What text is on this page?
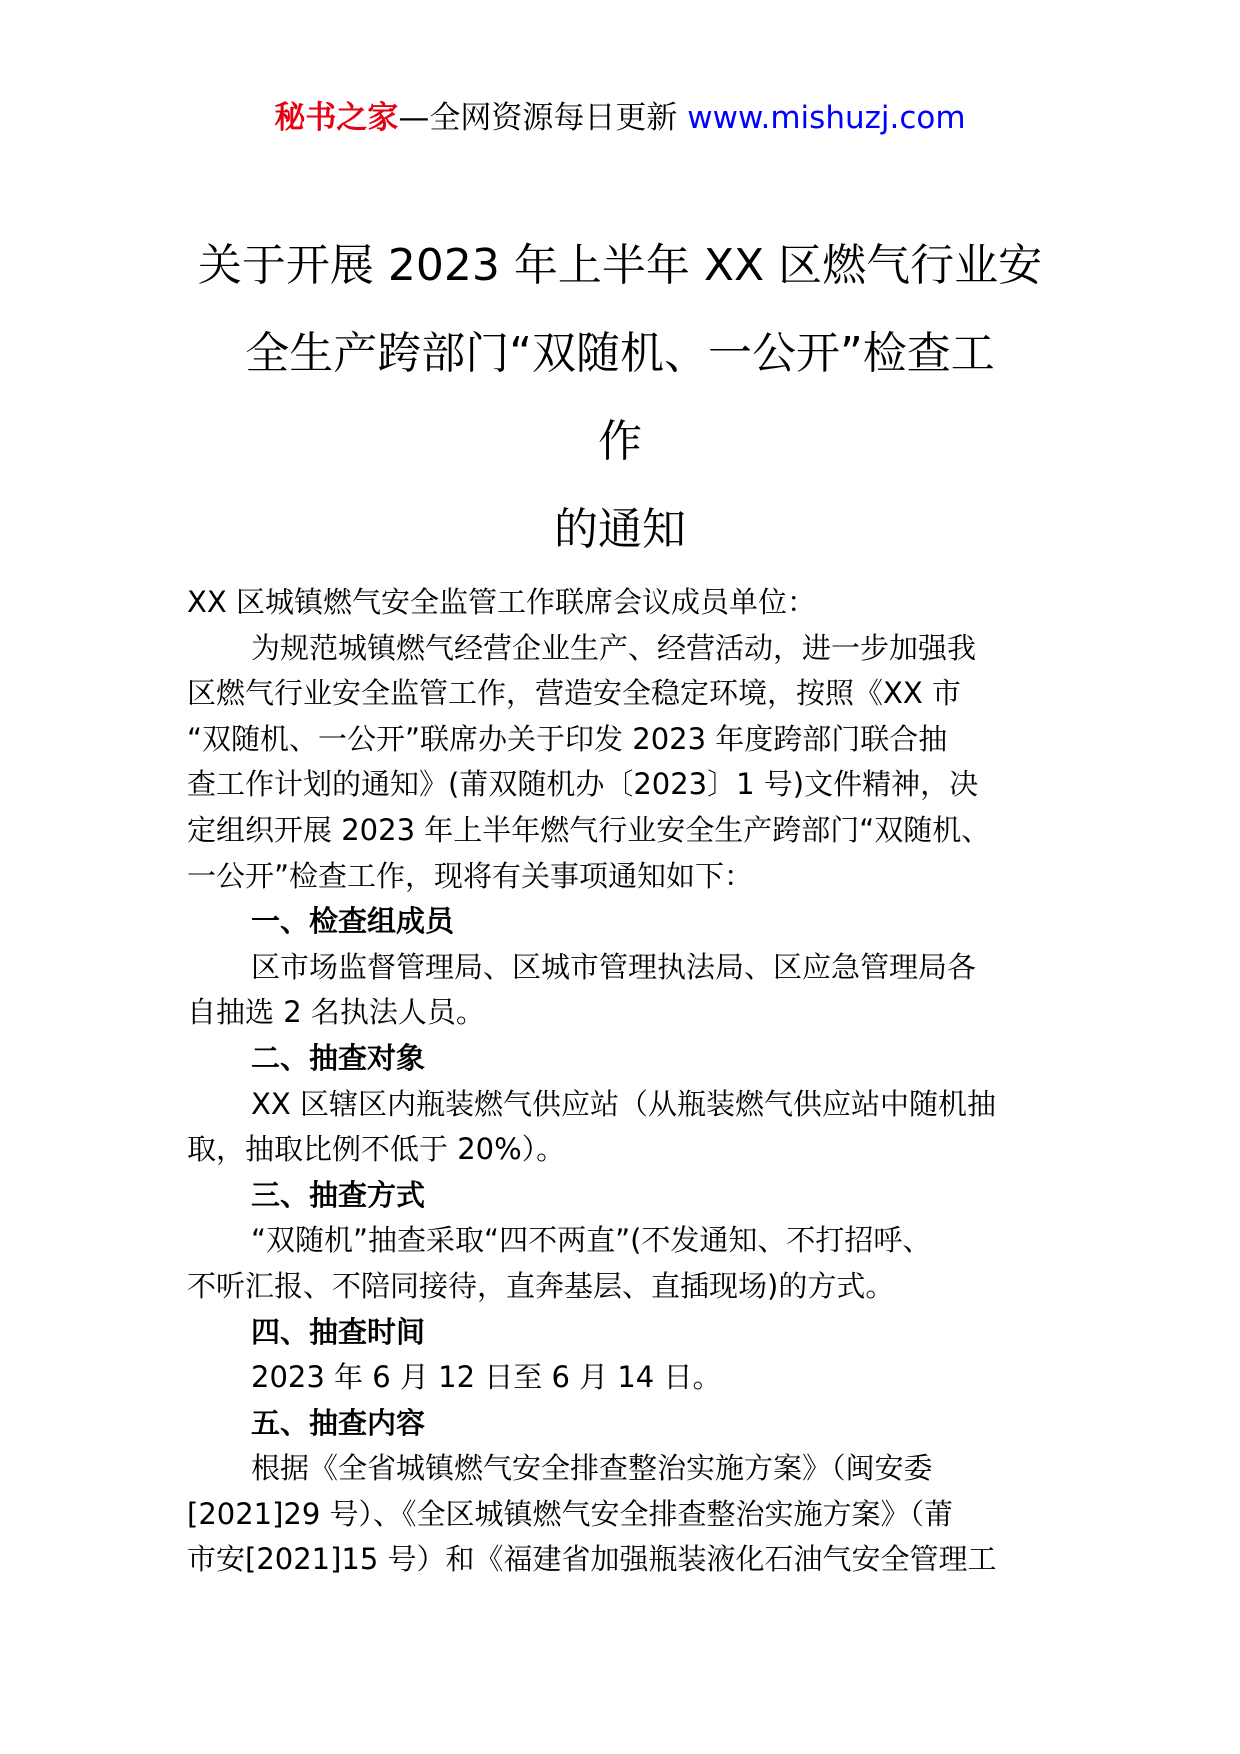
秘书之家—全网资源每日更新 www.mishuzj.com
关于开展 2023 年上半年 XX 区燃气行业安
全生产跨部门“双随机、一公开”检查工
作
的通知

XX 区城镇燃气安全监管工作联席会议成员单位：

为规范城镇燃气经营企业生产、经营活动，进一步加强我

区燃气行业安全监管工作，营造安全稳定环境，按照《XX 市

“双随机、一公开”联席办关于印发 2023 年度跨部门联合抽

查工作计划的通知》(莆双随机办〔2023〕1 号)文件精神，决

定组织开展 2023 年上半年燃气行业安全生产跨部门“双随机、

一公开”检查工作，现将有关事项通知如下：

一、检查组成员

区市场监督管理局、区城市管理执法局、区应急管理局各

自抽选 2 名执法人员。

二、抽查对象

XX 区辖区内瓶装燃气供应站（从瓶装燃气供应站中随机抽

取，抽取比例不低于 20%）。

三、抽查方式

“双随机”抽查采取“四不两直”(不发通知、不打招呼、

不听汇报、不陪同接待，直奔基层、直插现场)的方式。

四、抽查时间

2023 年 6 月 12 日至 6 月 14 日。

五、抽查内容

根据《全省城镇燃气安全排查整治实施方案》（闽安委

[2021]29 号）、《全区城镇燃气安全排查整治实施方案》（莆

市安[2021]15 号）和《福建省加强瓶装液化石油气安全管理工
